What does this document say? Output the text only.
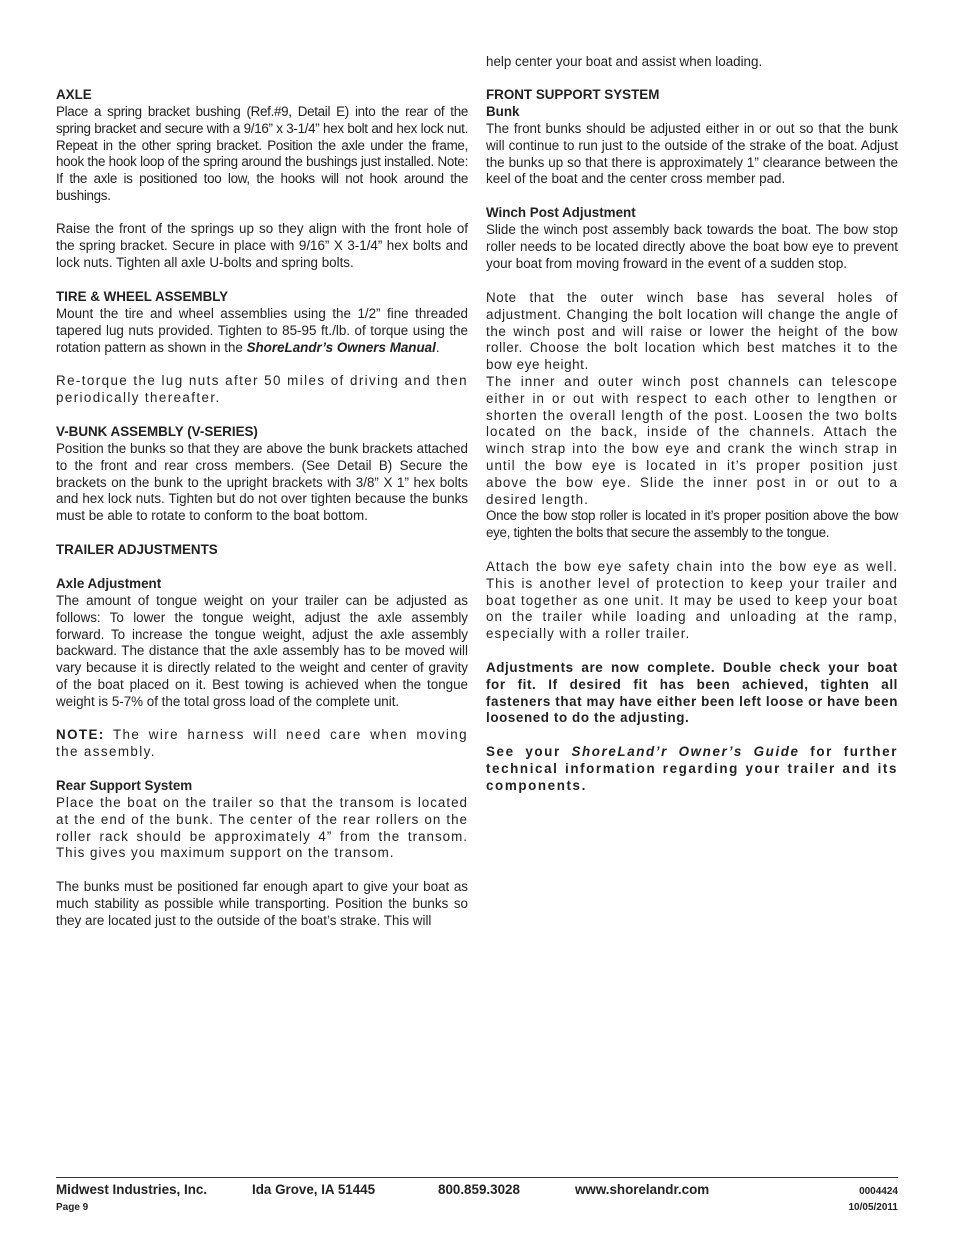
AXLE

Place a spring bracket bushing (Ref.#9, Detail E) into the rear of the spring bracket and secure with a 9/16” x 3-1/4” hex bolt and hex lock nut. Repeat in the other spring bracket. Position the axle under the frame, hook the hook loop of the spring around the bushings just installed. Note: If the axle is positioned too low, the hooks will not hook around the bushings.

Raise the front of the springs up so they align with the front hole of the spring bracket. Secure in place with 9/16” X 3-1/4” hex bolts and lock nuts. Tighten all axle U-bolts and spring bolts.

TIRE & WHEEL ASSEMBLY

Mount the tire and wheel assemblies using the 1/2” fine threaded tapered lug nuts provided. Tighten to 85-95 ft./lb. of torque using the rotation pattern as shown in the ShoreLandr’s Owners Manual.

Re-torque the lug nuts after 50 miles of driving and then periodically thereafter.

V-BUNK ASSEMBLY (V-SERIES)

Position the bunks so that they are above the bunk brackets attached to the front and rear cross members. (See Detail B) Secure the brackets on the bunk to the upright brackets with 3/8” X 1” hex bolts and hex lock nuts. Tighten but do not over tighten because the bunks must be able to rotate to conform to the boat bottom.

TRAILER ADJUSTMENTS
Axle Adjustment

The amount of tongue weight on your trailer can be adjusted as follows: To lower the tongue weight, adjust the axle assembly forward. To increase the tongue weight, adjust the axle assembly backward. The distance that the axle assembly has to be moved will vary because it is directly related to the weight and center of gravity of the boat placed on it. Best towing is achieved when the tongue weight is 5-7% of the total gross load of the complete unit.

NOTE: The wire harness will need care when moving the assembly.

Rear Support System

Place the boat on the trailer so that the transom is located at the end of the bunk. The center of the rear rollers on the roller rack should be approximately 4” from the transom. This gives you maximum support on the transom.

The bunks must be positioned far enough apart to give your boat as much stability as possible while transporting. Position the bunks so they are located just to the outside of the boat’s strake. This will

help center your boat and assist when loading.

FRONT SUPPORT SYSTEM
Bunk

The front bunks should be adjusted either in or out so that the bunk will continue to run just to the outside of the strake of the boat. Adjust the bunks up so that there is approximately 1” clearance between the keel of the boat and the center cross member pad.

Winch Post Adjustment

Slide the winch post assembly back towards the boat. The bow stop roller needs to be located directly above the boat bow eye to prevent your boat from moving froward in the event of a sudden stop.

Note that the outer winch base has several holes of adjustment. Changing the bolt location will change the angle of the winch post and will raise or lower the height of the bow roller. Choose the bolt location which best matches it to the bow eye height.

The inner and outer winch post channels can telescope either in or out with respect to each other to lengthen or shorten the overall length of the post. Loosen the two bolts located on the back, inside of the channels. Attach the winch strap into the bow eye and crank the winch strap in until the bow eye is located in it’s proper position just above the bow eye. Slide the inner post in or out to a desired length.

Once the bow stop roller is located in it’s proper position above the bow eye, tighten the bolts that secure the assembly to the tongue.

Attach the bow eye safety chain into the bow eye as well. This is another level of protection to keep your trailer and boat together as one unit. It may be used to keep your boat on the trailer while loading and unloading at the ramp, especially with a roller trailer.

Adjustments are now complete. Double check your boat for fit. If desired fit has been achieved, tighten all fasteners that may have either been left loose or have been loosened to do the adjusting.

See your ShoreLand’r Owner’s Guide for further technical information regarding your trailer and its components.

Midwest Industries, Inc.	Ida Grove, IA 51445	800.859.3028	www.shorelandr.com	0004424
Page 9	10/05/2011
